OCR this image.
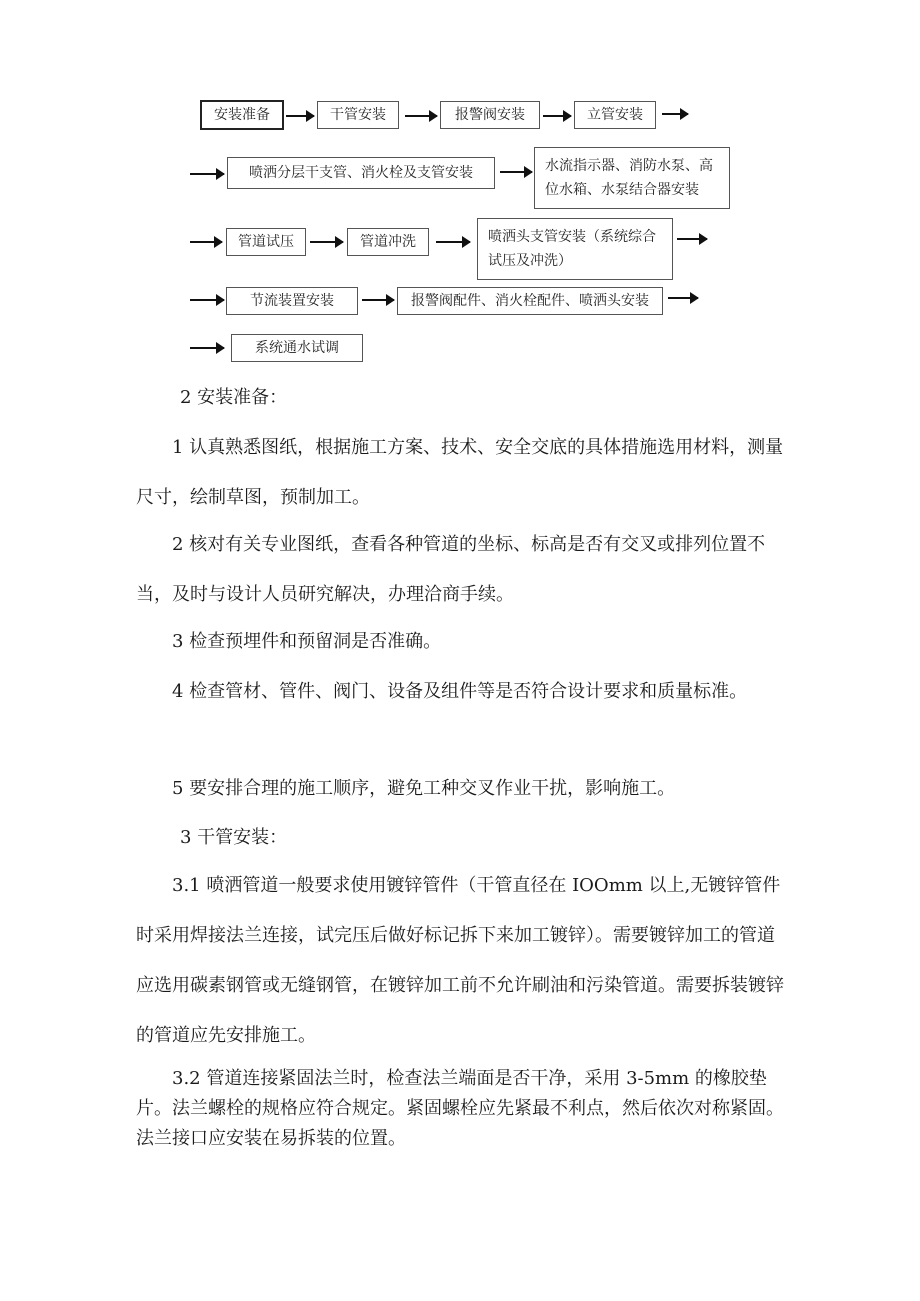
安装准备	干管安装	报警阀安装	立管安装
喷洒分层干支管、消火栓及支管安装	水流指示器、消防水泵、高位水箱、水泵结合器安装
管道试压	管道冲洗	喷洒头支管安装（系统综合试压及冲洗）
节流装置安装	报警阀配件、消火栓配件、喷洒头安装
系统通水试调

2 安装准备：

1 认真熟悉图纸，根据施工方案、技术、安全交底的具体措施选用材料，测量尺寸，绘制草图，预制加工。

2 核对有关专业图纸，查看各种管道的坐标、标高是否有交叉或排列位置不当，及时与设计人员研究解决，办理洽商手续。

3 检查预埋件和预留洞是否准确。

4 检查管材、管件、阀门、设备及组件等是否符合设计要求和质量标准。

5 要安排合理的施工顺序，避免工种交叉作业干扰，影响施工。

3 干管安装：

3.1 喷洒管道一般要求使用镀锌管件（干管直径在 IOOmm 以上,无镀锌管件时采用焊接法兰连接，试完压后做好标记拆下来加工镀锌）。需要镀锌加工的管道应选用碳素钢管或无缝钢管，在镀锌加工前不允许刷油和污染管道。需要拆装镀锌的管道应先安排施工。

3.2 管道连接紧固法兰时，检查法兰端面是否干净，采用 3-5mm 的橡胶垫片。法兰螺栓的规格应符合规定。紧固螺栓应先紧最不利点，然后依次对称紧固。法兰接口应安装在易拆装的位置。
